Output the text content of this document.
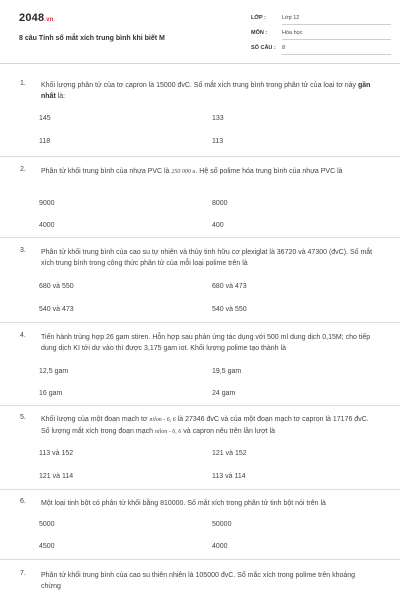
2048.vn
8 câu Tính số mắt xích trung bình khi biết M
LỚP :	Lớp 12
MÔN :	Hóa học
SỐ CÂU : 8
1. Khối lượng phân tử của tơ capron là 15000 đvC. Số mắt xích trung bình trong phân tử của loại tơ này gần nhất là:
145	133
118	113
2. Phân tử khối trung bình của nhựa PVC là 250 000 u. Hệ số polime hóa trung bình của nhựa PVC là
9000	8000
4000	400
3. Phân tử khối trung bình của cao su tự nhiên và thủy tinh hữu cơ plexiglat là 36720 và 47300 (đvC). Số mắt xích trung bình trong công thức phân tử của mỗi loại polime trên là
680 và 550	680 và 473
540 và 473	540 và 550
4. Tiến hành trùng hợp 26 gam stiren. Hỗn hợp sau phản ứng tác dụng với 500 ml dung dịch 0,15M; cho tiếp dung dịch KI tới dư vào thì được 3,175 gam iot. Khối lượng polime tạo thành là
12,5 gam	19,5 gam
16 gam	24 gam
5. Khối lượng của một đoạn mạch tơ nilon - 6, 6 là 27346 đvC và của một đoạn mạch tơ capron là 17176 đvC. Số lượng mắt xích trong đoạn mạch nilon - 6, 6 và capron nêu trên lần lượt là
113 và 152	121 và 152
121 và 114	113 và 114
6. Một loại tinh bột có phân tử khối bằng 810000. Số mắt xích trong phân tử tinh bột nói trên là
5000	50000
4500	4000
7. Phân tử khối trung bình của cao su thiên nhiên là 105000 đvC. Số mắc xích trong polime trên khoảng chừng
